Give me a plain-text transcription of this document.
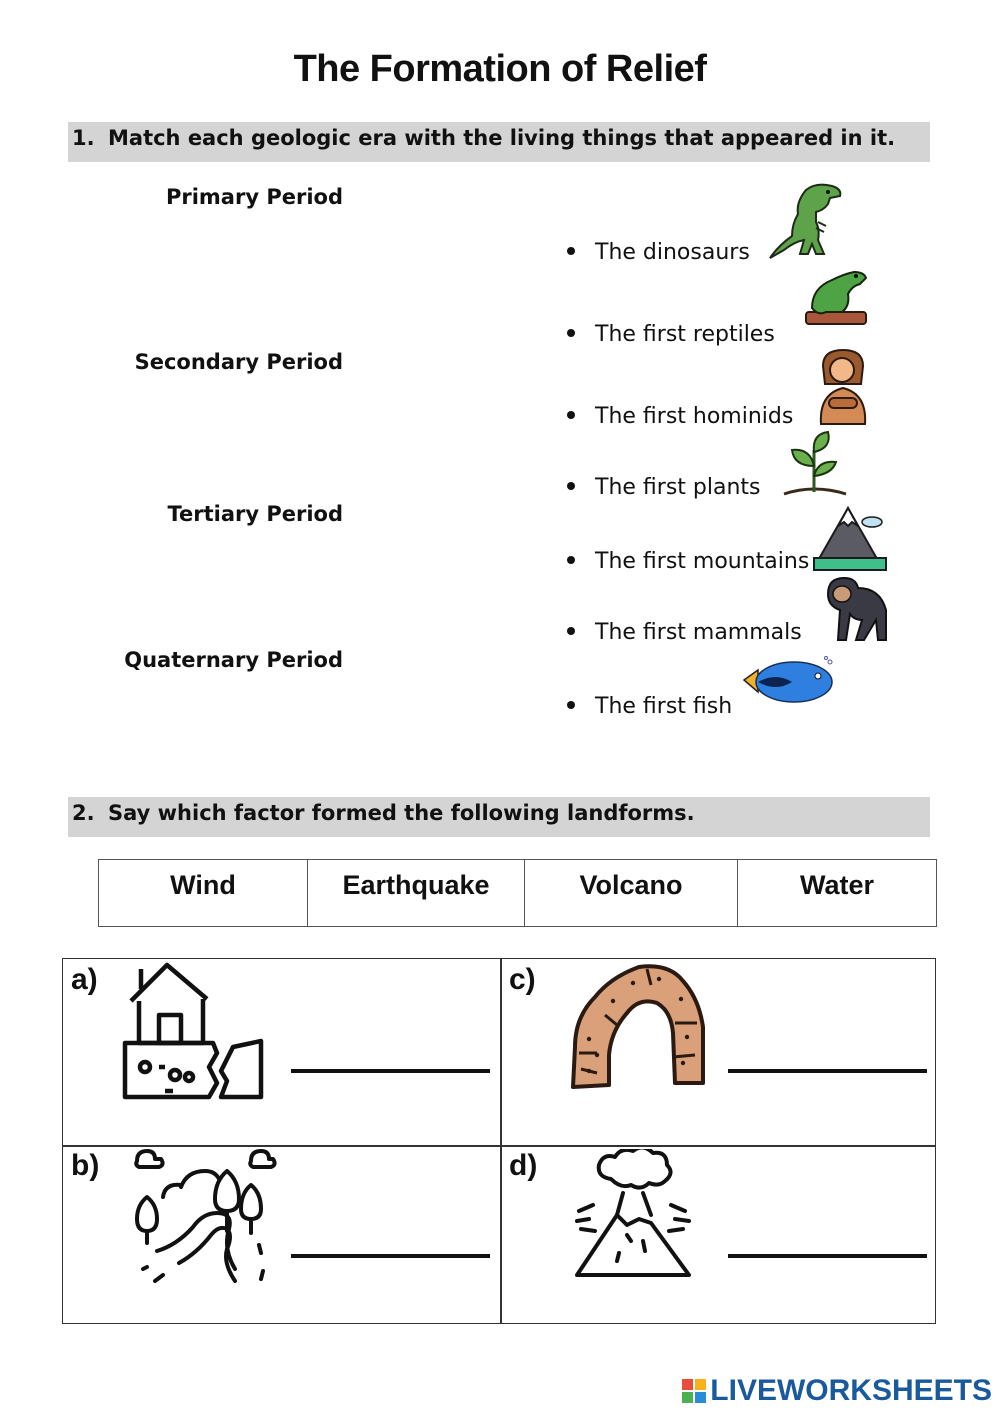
The Formation of Relief
1. Match each geologic era with the living things that appeared in it.
Primary Period
Secondary Period
Tertiary Period
Quaternary Period
The dinosaurs
The first reptiles
The first hominids
The first plants
The first mountains
The first mammals
The first fish
2. Say which factor formed the following landforms.
Wind	Earthquake	Volcano	Water
a)	c)
b)	d)
LIVEWORKSHEETS
